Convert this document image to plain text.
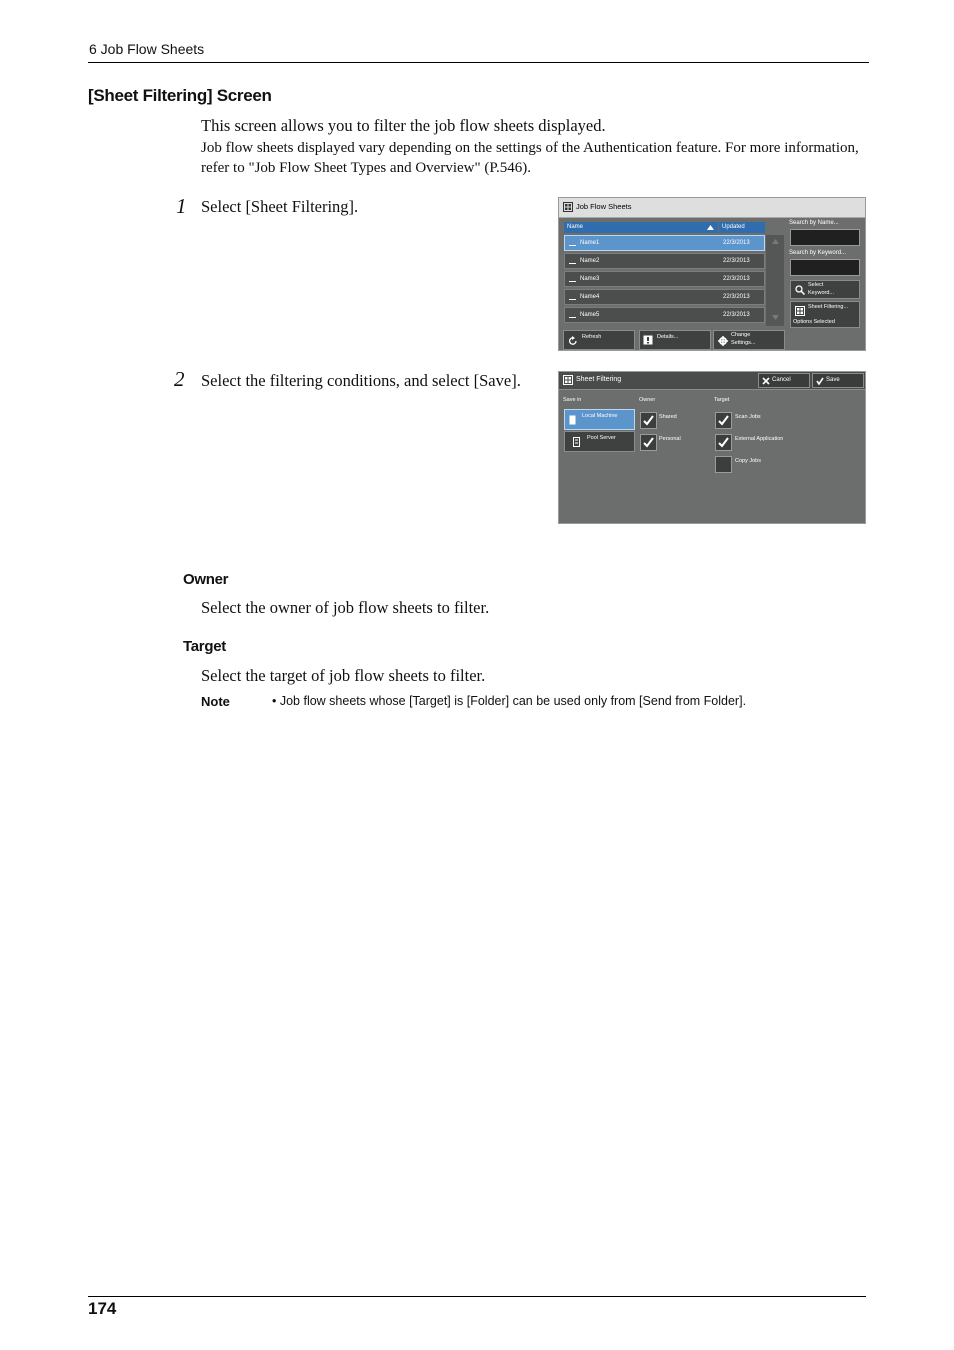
6 Job Flow Sheets
[Sheet Filtering] Screen
This screen allows you to filter the job flow sheets displayed.
Job flow sheets displayed vary depending on the settings of the Authentication feature. For more information, refer to "Job Flow Sheet Types and Overview" (P.546).
1 Select [Sheet Filtering].
2 Select the filtering conditions, and select [Save].
Job Flow Sheets
Name	Updated
Name1	22/3/2013
Name2	22/3/2013
Name3	22/3/2013
Name4	22/3/2013
Name5	22/3/2013
Search by Name...
Search by Keyword...
Select
Keyword...
Sheet Filtering...
Options Selected
Refresh	Details...	Change
Settings...
Sheet Filtering	Cancel	Save
Save in	Owner	Target
Local Machine
Pool Server
Shared
Personal
Scan Jobs
External Application
Copy Jobs
Owner
Select the owner of job flow sheets to filter.
Target
Select the target of job flow sheets to filter.
Note	• Job flow sheets whose [Target] is [Folder] can be used only from [Send from Folder].
174
